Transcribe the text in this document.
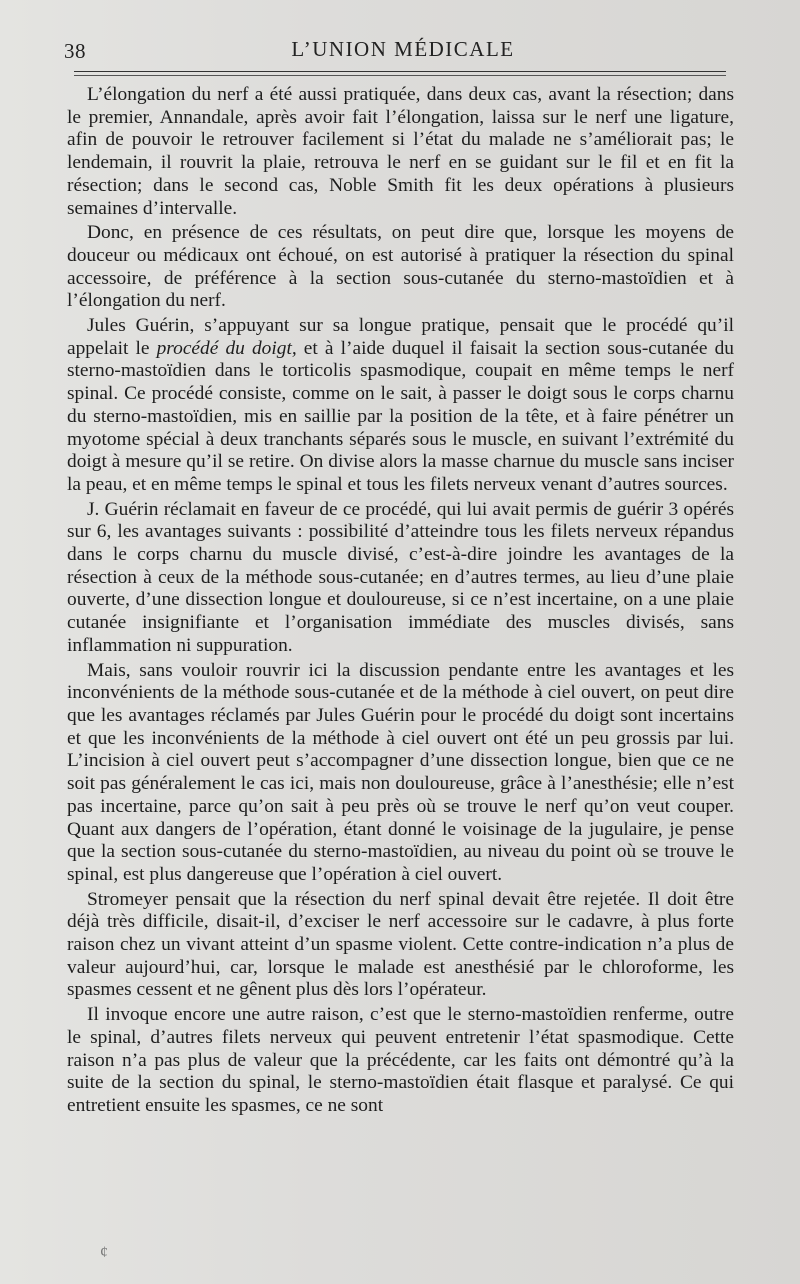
38	L’UNION MÉDICALE

L’élongation du nerf a été aussi pratiquée, dans deux cas, avant la résection; dans le premier, Annandale, après avoir fait l’élongation, laissa sur le nerf une ligature, afin de pouvoir le retrouver facilement si l’état du malade ne s’améliorait pas; le lendemain, il rouvrit la plaie, retrouva le nerf en se guidant sur le fil et en fit la résection; dans le second cas, Noble Smith fit les deux opérations à plusieurs semaines d’intervalle.

Donc, en présence de ces résultats, on peut dire que, lorsque les moyens de douceur ou médicaux ont échoué, on est autorisé à pratiquer la résection du spinal accessoire, de préférence à la section sous-cutanée du sterno-mastoïdien et à l’élongation du nerf.

Jules Guérin, s’appuyant sur sa longue pratique, pensait que le procédé qu’il appelait le procédé du doigt, et à l’aide duquel il faisait la section sous-cutanée du sterno-mastoïdien dans le torticolis spasmodique, coupait en même temps le nerf spinal. Ce procédé consiste, comme on le sait, à passer le doigt sous le corps charnu du sterno-mastoïdien, mis en saillie par la position de la tête, et à faire pénétrer un myotome spécial à deux tranchants séparés sous le muscle, en suivant l’extrémité du doigt à mesure qu’il se retire. On divise alors la masse charnue du muscle sans inciser la peau, et en même temps le spinal et tous les filets nerveux venant d’autres sources.

J. Guérin réclamait en faveur de ce procédé, qui lui avait permis de guérir 3 opérés sur 6, les avantages suivants : possibilité d’atteindre tous les filets nerveux répandus dans le corps charnu du muscle divisé, c’est-à-dire joindre les avantages de la résection à ceux de la méthode sous-cutanée; en d’autres termes, au lieu d’une plaie ouverte, d’une dissection longue et douloureuse, si ce n’est incertaine, on a une plaie cutanée insignifiante et l’organisation immédiate des muscles divisés, sans inflammation ni suppuration.

Mais, sans vouloir rouvrir ici la discussion pendante entre les avantages et les inconvénients de la méthode sous-cutanée et de la méthode à ciel ouvert, on peut dire que les avantages réclamés par Jules Guérin pour le procédé du doigt sont incertains et que les inconvénients de la méthode à ciel ouvert ont été un peu grossis par lui. L’incision à ciel ouvert peut s’accompagner d’une dissection longue, bien que ce ne soit pas généralement le cas ici, mais non douloureuse, grâce à l’anesthésie; elle n’est pas incertaine, parce qu’on sait à peu près où se trouve le nerf qu’on veut couper. Quant aux dangers de l’opération, étant donné le voisinage de la jugulaire, je pense que la section sous-cutanée du sterno-mastoïdien, au niveau du point où se trouve le spinal, est plus dangereuse que l’opération à ciel ouvert.

Stromeyer pensait que la résection du nerf spinal devait être rejetée. Il doit être déjà très difficile, disait-il, d’exciser le nerf accessoire sur le cadavre, à plus forte raison chez un vivant atteint d’un spasme violent. Cette contre-indication n’a plus de valeur aujourd’hui, car, lorsque le malade est anesthésié par le chloroforme, les spasmes cessent et ne gênent plus dès lors l’opérateur.

Il invoque encore une autre raison, c’est que le sterno-mastoïdien renferme, outre le spinal, d’autres filets nerveux qui peuvent entretenir l’état spasmodique. Cette raison n’a pas plus de valeur que la précédente, car les faits ont démontré qu’à la suite de la section du spinal, le sterno-mastoïdien était flasque et paralysé. Ce qui entretient ensuite les spasmes, ce ne sont

¢
